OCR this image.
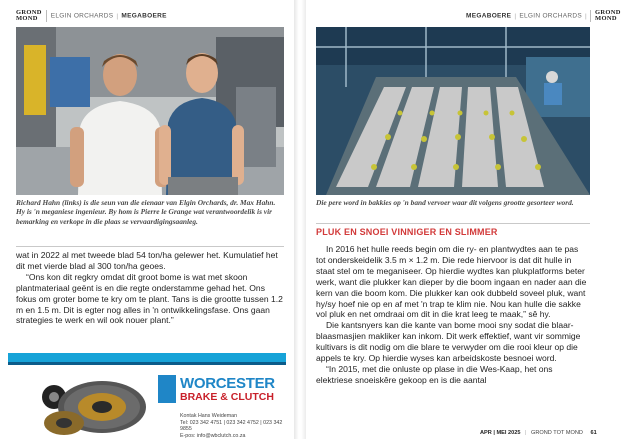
GROND
MOND	ELGIN ORCHARDS | MEGABOERE
Richard Hahn (links) is die seun van die eienaar van Elgin Orchards, dr. Max Hahn. Hy is 'n meganiese ingenieur. By hom is Pierre le Grange wat verantwoordelik is vir bemarking en verkope in die plaas se vervaardigingsaanleg.

wat in 2022 al met tweede blad 54 ton/ha gelewer het. Kumulatief het dit met vierde blad al 300 ton/ha geoes.

“Ons kon dit regkry omdat dit groot bome is wat met skoon plantmateriaal geënt is en die regte onderstamme gehad het. Ons fokus om groter bome te kry om te plant. Tans is die grootte tussen 1.2 m en 1.5 m. Dit is egter nog alles in 'n ontwikkelingsfase. Ons gaan strategies te werk en wil ook nouer plant.”

WORCESTER
BRAKE & CLUTCH
Kontak Hans Weideman
Tel: 023 342 4751 | 023 342 4752 | 023 342 9855
E-pos: info@wbclutch.co.za
MEGABOERE | ELGIN ORCHARDS |
GROND
MOND
Die pere word in bakkies op 'n band vervoer waar dit volgens grootte gesorteer word.
PLUK EN SNOEI VINNIGER EN SLIMMER

In 2016 het hulle reeds begin om die ry- en plantwydtes aan te pas tot onderskeidelik 3.5 m × 1.2 m. Die rede hiervoor is dat dit hulle in staat stel om te meganiseer. Op hierdie wydtes kan plukplatforms beter werk, want die plukker kan dieper by die boom ingaan en nader aan die kern van die boom kom. Die plukker kan ook dubbeld soveel pluk, want hy/sy hoef nie op en af met 'n trap te klim nie. Nou kan hulle die sakke vol pluk en net omdraai om dit in die krat leeg te maak,” sê hy.

Die kantsnyers kan die kante van bome mooi sny sodat die blaar-blaasmasjien makliker kan inkom. Dit werk effektief, want vir sommige kultivars is dit nodig om die blare te verwyder om die rooi kleur op die appels te kry. Op hierdie wyses kan arbeidskoste besnoei word.

“In 2015, met die onluste op plase in die Wes-Kaap, het ons elektriese snoeiskêre gekoop en is die aantal

APR | MEI 2025 | GROND TOT MOND 61
